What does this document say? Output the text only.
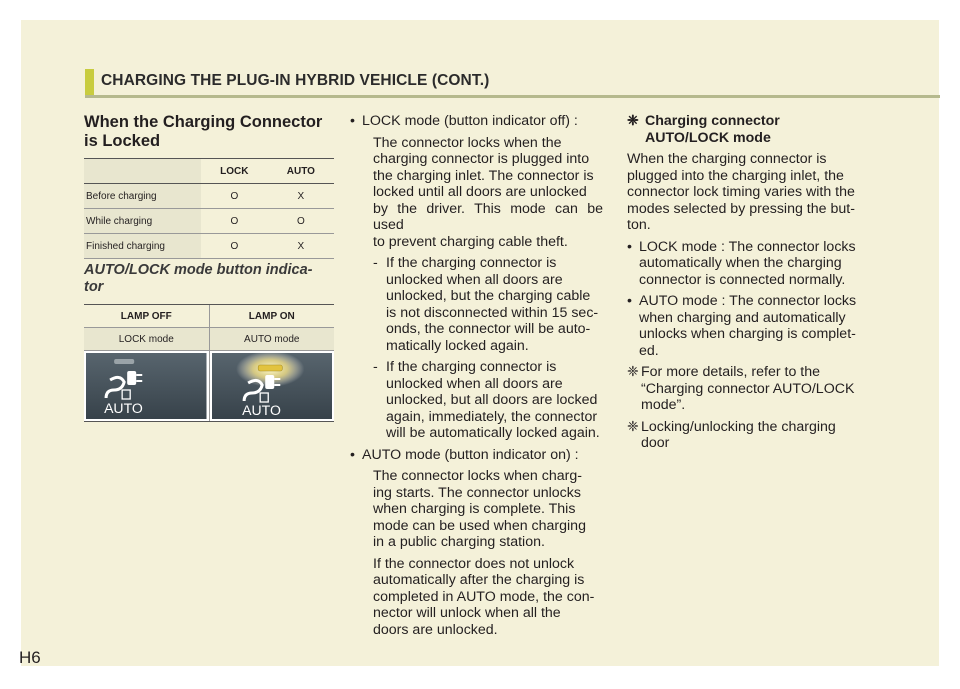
CHARGING THE PLUG-IN HYBRID VEHICLE (CONT.)
When the Charging Connector
is Locked
	LOCK	AUTO
Before charging	O	X
While charging	O	O
Finished charging	O	X
AUTO/LOCK mode button indica-
tor
LAMP OFF	LAMP ON
LOCK mode	AUTO mode
AUTO	AUTO
• LOCK mode (button indicator off) :

The connector locks when the

charging connector is plugged into

the charging inlet. The connector is

locked until all doors are unlocked

by the driver. This mode can be used

to prevent charging cable theft.

- If the charging connector is

unlocked when all doors are

unlocked, but the charging cable

is not disconnected within 15 sec-

onds, the connector will be auto-

matically locked again.

- If the charging connector is

unlocked when all doors are

unlocked, but all doors are locked

again, immediately, the connector

will be automatically locked again.

• AUTO mode (button indicator on) :

The connector locks when charg-

ing starts. The connector unlocks

when charging is complete. This

mode can be used when charging

in a public charging station.

If the connector does not unlock

automatically after the charging is

completed in AUTO mode, the con-

nector will unlock when all the

doors are unlocked.

❈ Charging connector
AUTO/LOCK mode

When the charging connector is

plugged into the charging inlet, the

connector lock timing varies with the

modes selected by pressing the but-

ton.

• LOCK mode : The connector locks

automatically when the charging

connector is connected normally.

• AUTO mode : The connector locks

when charging and automatically

unlocks when charging is complet-

ed.

❈ For more details, refer to the

“Charging connector AUTO/LOCK

mode”.

❈ Locking/unlocking the charging

door

H6
